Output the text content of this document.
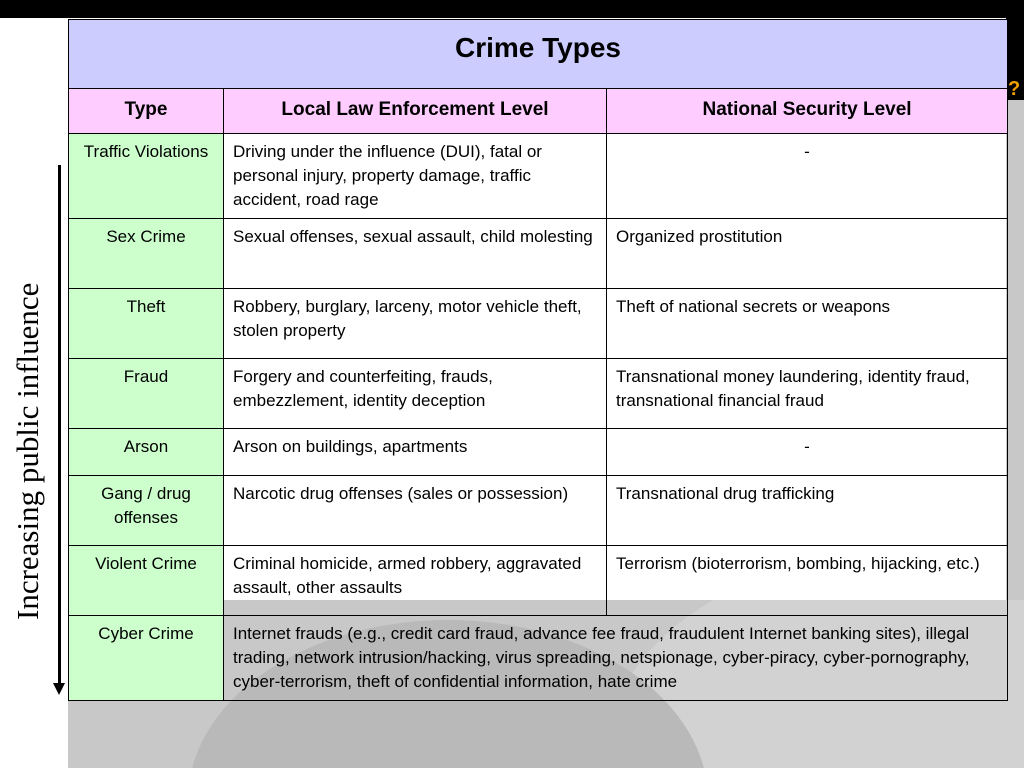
?
Increasing public influence
Crime Types		
Type	Local Law Enforcement Level	National Security Level
Traffic Violations	Driving under the influence (DUI), fatal or personal injury, property damage, traffic accident, road rage	-
Sex Crime	Sexual offenses, sexual assault, child molesting	Organized prostitution
Theft	Robbery, burglary, larceny, motor vehicle theft, stolen property	Theft of national secrets or weapons
Fraud	Forgery and counterfeiting, frauds, embezzlement, identity deception	Transnational money laundering, identity fraud, transnational financial fraud
Arson	Arson on buildings, apartments	-
Gang / drug offenses	Narcotic drug offenses (sales or possession)	Transnational drug trafficking
Violent Crime	Criminal homicide, armed robbery, aggravated assault, other assaults	Terrorism (bioterrorism, bombing, hijacking, etc.)
Cyber Crime	Internet frauds (e.g., credit card fraud, advance fee fraud, fraudulent Internet banking sites), illegal trading, network intrusion/hacking, virus spreading, netspionage, cyber-piracy, cyber-pornography, cyber-terrorism, theft of confidential information, hate crime	
